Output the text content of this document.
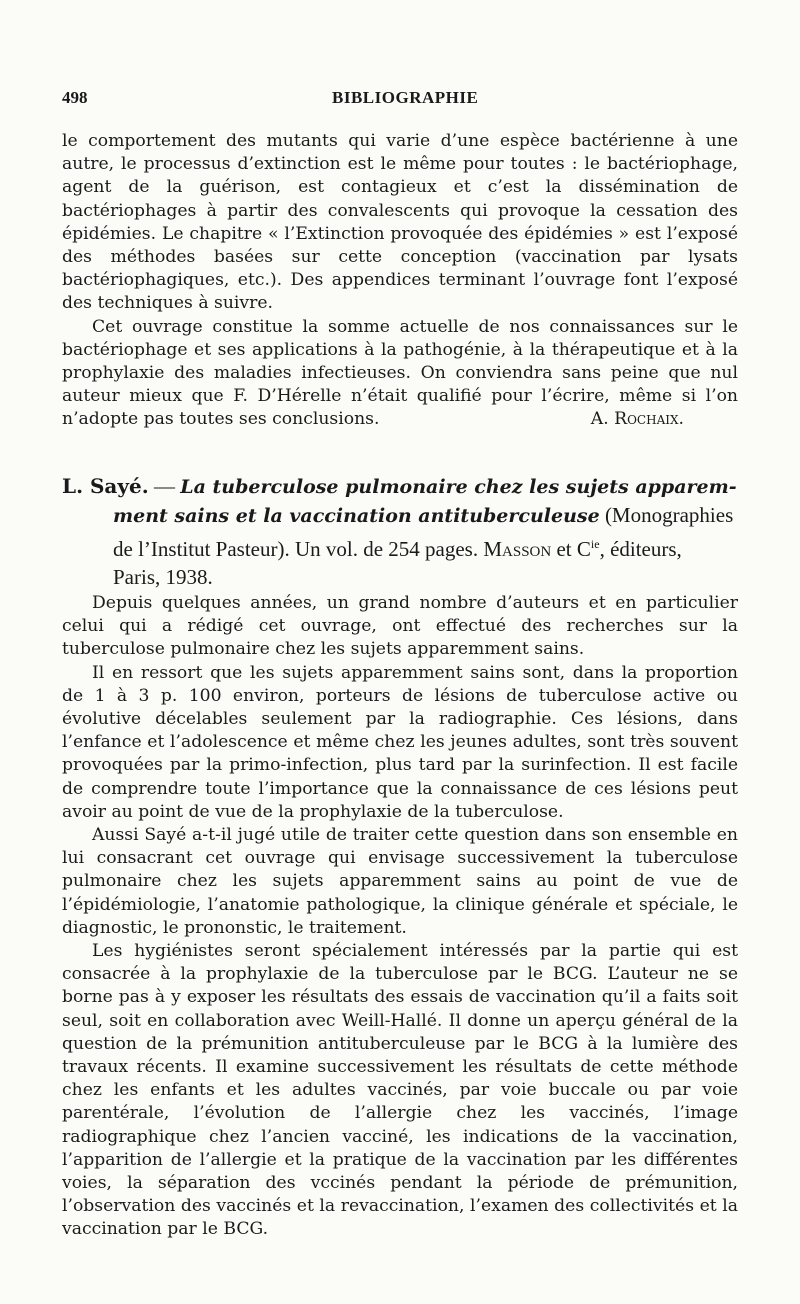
498	BIBLIOGRAPHIE

le comportement des mutants qui varie d’une espèce bactérienne à une autre, le processus d’extinction est le même pour toutes : le bactériophage, agent de la guérison, est contagieux et c’est la dissémination de bactériophages à partir des convalescents qui provoque la cessation des épidémies. Le chapitre « l’Extinction provoquée des épidémies » est l’exposé des méthodes basées sur cette conception (vaccination par lysats bactériophagiques, etc.). Des appendices terminant l’ouvrage font l’exposé des techniques à suivre.

Cet ouvrage constitue la somme actuelle de nos connaissances sur le bactériophage et ses applications à la pathogénie, à la thérapeutique et à la prophylaxie des maladies infectieuses. On conviendra sans peine que nul auteur mieux que F. D’Hérelle n’était qualifié pour l’écrire, même si l’on n’adopte pas toutes ses conclusions.	A. Rochaix.

L. Sayé. — La tuberculose pulmonaire chez les sujets apparem-
ment sains et la vaccination antituberculeuse (Monographies
de l’Institut Pasteur). Un vol. de 254 pages. Masson et $C^{ie}$, éditeurs,
Paris, 1938.

Depuis quelques années, un grand nombre d’auteurs et en particulier celui qui a rédigé cet ouvrage, ont effectué des recherches sur la tuberculose pulmonaire chez les sujets apparemment sains.

Il en ressort que les sujets apparemment sains sont, dans la proportion de 1 à 3 p. 100 environ, porteurs de lésions de tuberculose active ou évolutive décelables seulement par la radiographie. Ces lésions, dans l’enfance et l’adolescence et même chez les jeunes adultes, sont très souvent provoquées par la primo-infection, plus tard par la surinfection. Il est facile de comprendre toute l’importance que la connaissance de ces lésions peut avoir au point de vue de la prophylaxie de la tuberculose.

Aussi Sayé a-t-il jugé utile de traiter cette question dans son ensemble en lui consacrant cet ouvrage qui envisage successivement la tuberculose pulmonaire chez les sujets apparemment sains au point de vue de l’épidémiologie, l’anatomie pathologique, la clinique générale et spéciale, le diagnostic, le prononstic, le traitement.

Les hygiénistes seront spécialement intéressés par la partie qui est consacrée à la prophylaxie de la tuberculose par le BCG. L’auteur ne se borne pas à y exposer les résultats des essais de vaccination qu’il a faits soit seul, soit en collaboration avec Weill-Hallé. Il donne un aperçu général de la question de la prémunition antituberculeuse par le BCG à la lumière des travaux récents. Il examine successivement les résultats de cette méthode chez les enfants et les adultes vaccinés, par voie buccale ou par voie parentérale, l’évolution de l’allergie chez les vaccinés, l’image radiographique chez l’ancien vacciné, les indications de la vaccination, l’apparition de l’allergie et la pratique de la vaccination par les différentes voies, la séparation des vccinés pendant la période de prémunition, l’observation des vaccinés et la revaccination, l’examen des collectivités et la vaccination par le BCG.
